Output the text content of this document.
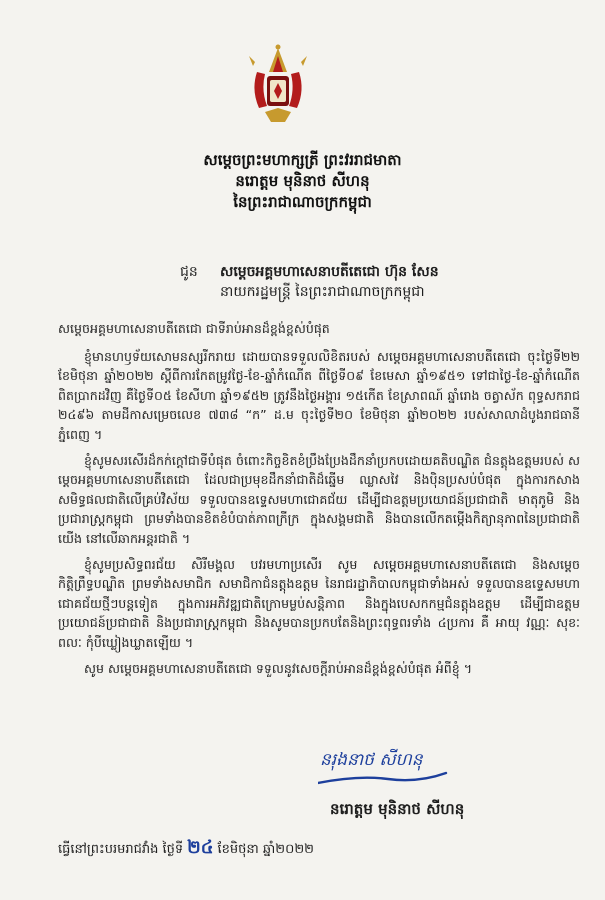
សម្តេចព្រះមហាក្សត្រី ព្រះវររាជមាតា
នរោត្តម មុនិនាថ សីហនុ
នៃព្រះរាជាណាចក្រកម្ពុជា
ជូន សម្តេចអគ្គមហាសេនាបតីតេជោ ហ៊ុន សែន
នាយករដ្ឋមន្ត្រី នៃព្រះរាជាណាចក្រកម្ពុជា

សម្តេចអគ្គមហាសេនាបតីតេជោ ជាទីរាប់អានដ៏ខ្ពង់ខ្ពស់បំផុត

ខ្ញុំមានហឫទ័យសោមនស្សរីករាយ ដោយបានទទួលលិខិតរបស់ សម្តេចអគ្គមហាសេនាបតីតេជោ ចុះថ្ងៃទី២២ ខែមិថុនា ឆ្នាំ២០២២ ស្តីពីការកែតម្រូវថ្ងៃ-ខែ-ឆ្នាំកំណើត ពីថ្ងៃទី០៩ ខែមេសា ឆ្នាំ១៩៥១ ទៅជាថ្ងៃ-ខែ-ឆ្នាំកំណើតពិតប្រាកដវិញ គឺថ្ងៃទី០៥ ខែសីហា ឆ្នាំ១៩៥២ ត្រូវនឹងថ្ងៃអង្គារ ១៥កើត ខែស្រាពណ៍ ឆ្នាំរោង ចត្វាស័ក ពុទ្ធសករាជ ២៤៩៦ តាមដីកាសម្រេចលេខ ៧៣៨ “ក” ដ.ម ចុះថ្ងៃទី២០ ខែមិថុនា ឆ្នាំ២០២២ របស់សាលាដំបូងរាជធានីភ្នំពេញ ។

ខ្ញុំសូមសរសើរដ៏កក់ក្តៅជាទីបំផុត ចំពោះកិច្ចខិតខំប្រឹងប្រែងដឹកនាំប្រកបដោយគតិបណ្ឌិត ជំនត្តុងឧត្តមរបស់ សម្តេចអគ្គមហាសេនាបតីតេជោ ដែលជាប្រមុខដឹកនាំជាតិដ៏ឆ្នើម ឈ្លាសវៃ និងប៉ិនប្រសប់បំផុត ក្នុងការកសាងសមិទ្ធផលជាតិលើគ្រប់វិស័យ ទទួលបានឧទ្ទេសមហាជោគជ័យ ដើម្បីជាឧត្តមប្រយោជន៍ប្រជាជាតិ មាតុភូមិ និងប្រជារាស្ត្រកម្ពុជា ព្រមទាំងបានខិតខំបំបាត់ភាពក្រីក្រ ក្នុងសង្គមជាតិ និងបានលើកតម្កើងកិត្យានុភាពនៃប្រជាជាតិយើង នៅលើឆាកអន្តរជាតិ ។

ខ្ញុំសូមប្រសិទ្ធពរជ័យ សិរីមង្គល បវរមហាប្រសើរ សូម សម្តេចអគ្គមហាសេនាបតីតេជោ និងសម្តេចកិត្តិព្រឹទ្ធបណ្ឌិត ព្រមទាំងសមាជិក សមាជិកាជំនត្តុងឧត្តម នៃរាជរដ្ឋាភិបាលកម្ពុជាទាំងអស់ ទទួលបានឧទ្ទេសមហាជោគជ័យថ្មីៗបន្តទៀត ក្នុងការអភិវឌ្ឍជាតិក្រោមម្លប់សន្តិភាព និងក្នុងបេសកកម្មជំនត្តុងឧត្តម ដើម្បីជាឧត្តមប្រយោជន៍ប្រជាជាតិ និងប្រជារាស្ត្រកម្ពុជា និងសូមបានប្រកបតែនិងព្រះពុទ្ធពរទាំង ៤ប្រការ គឺ អាយុ វណ្ណៈ សុខៈ ពលៈ កុំបីឃ្លៀងឃ្លាតឡើយ ។

សូម សម្តេចអគ្គមហាសេនាបតីតេជោ ទទួលនូវសេចក្តីរាប់អានដ៏ខ្ពង់ខ្ពស់បំផុត អំពីខ្ញុំ ។

នរុងនាថ សីហនុ
នរោត្តម មុនិនាថ សីហនុ
ធ្វើនៅព្រះបរមរាជវាំង ថ្ងៃទី ២៤ ខែមិថុនា ឆ្នាំ២០២២
